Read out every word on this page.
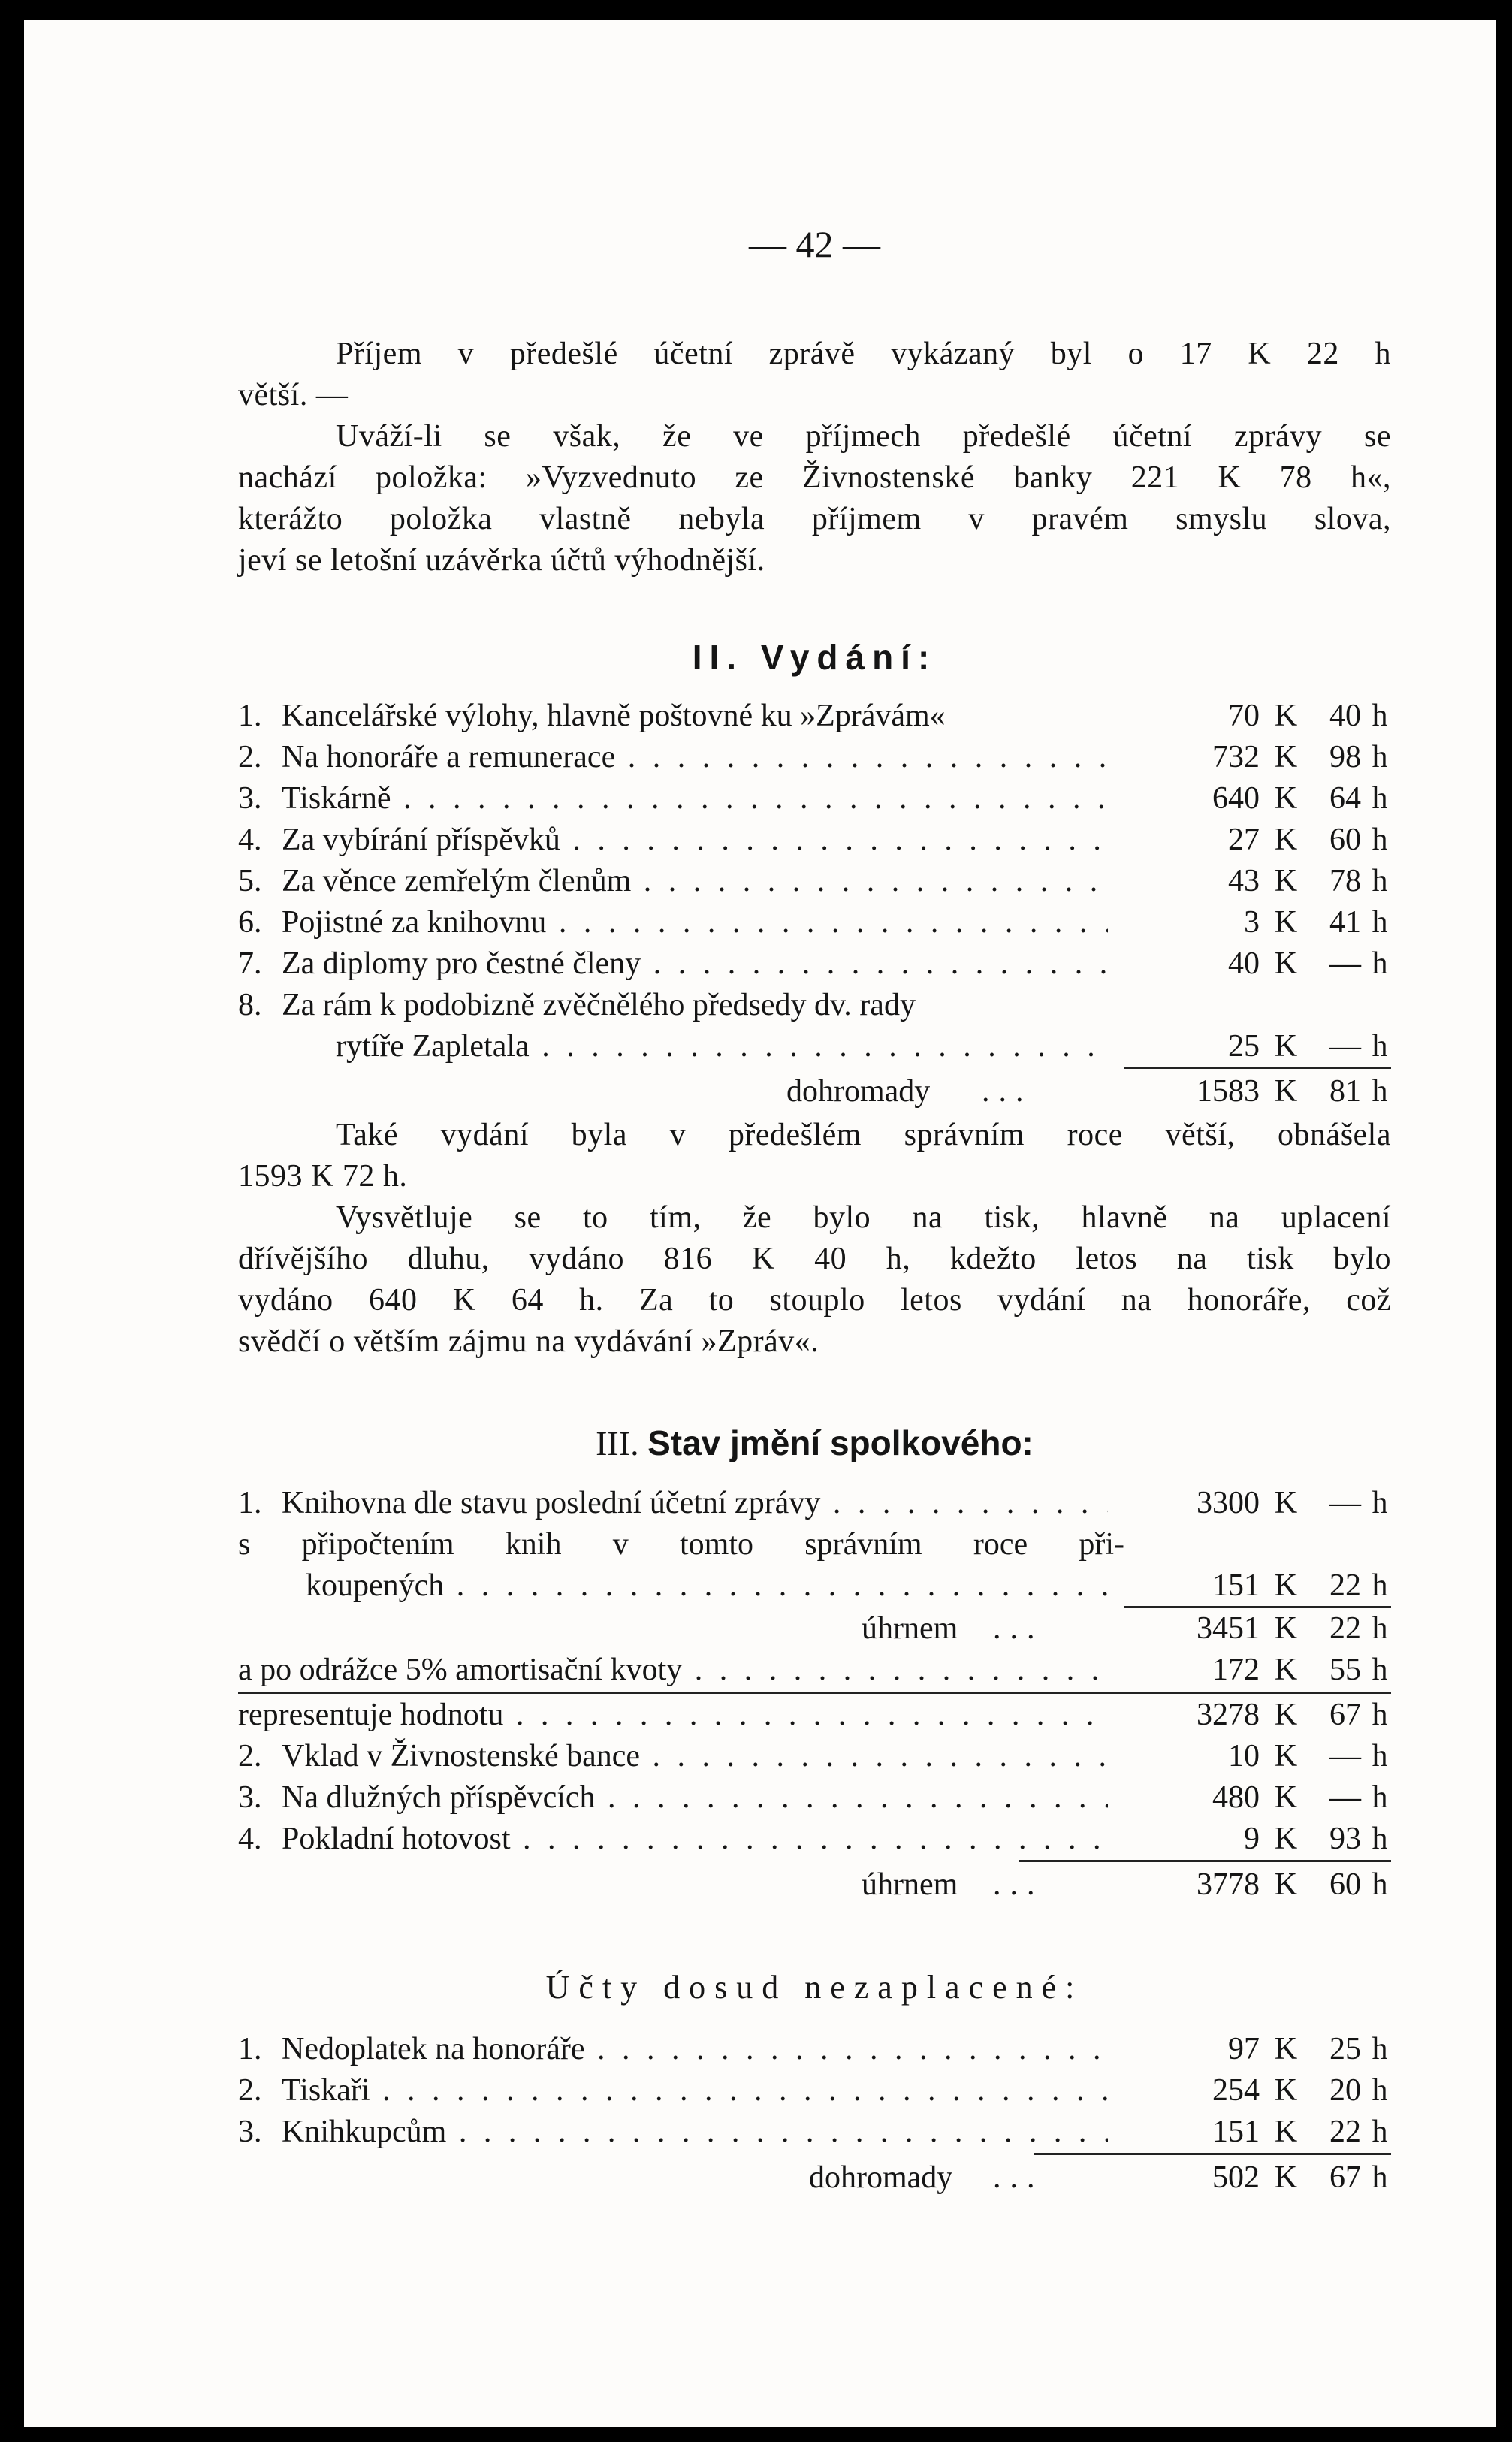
— 42 —
Příjem v předešlé účetní zprávě vykázaný byl o 17 K 22 h
větší. —
Uváží-li se však, že ve příjmech předešlé účetní zprávy se
nachází položka: »Vyzvednuto ze Živnostenské banky 221 K 78 h«,
kterážto položka vlastně nebyla příjmem v pravém smyslu slova,
jeví se letošní uzávěrka účtů výhodnější.
II. Vydání:
1. Kancelářské výlohy, hlavně poštovné ku »Zprávám«	70 K	40 h
2. Na honoráře a remunerace . . .	732 K	98 h
3. Tiskárně . . .	640 K	64 h
4. Za vybírání příspěvků . . .	27 K	60 h
5. Za věnce zemřelým členům . . .	43 K	78 h
6. Pojistné za knihovnu . . .	3 K	41 h
7. Za diplomy pro čestné členy . . .	40 K	— h
8. Za rám k podobizně zvěčnělého předsedy dv. rady
rytíře Zapletala . . .	25 K	— h
dohromady ...	1583 K	81 h
Také vydání byla v předešlém správním roce větší, obnášela
1593 K 72 h.
Vysvětluje se to tím, že bylo na tisk, hlavně na uplacení
dřívějšího dluhu, vydáno 816 K 40 h, kdežto letos na tisk bylo
vydáno 640 K 64 h. Za to stouplo letos vydání na honoráře, což
svědčí o větším zájmu na vydávání »Zpráv«.
III. Stav jmění spolkového:
1. Knihovna dle stavu poslední účetní zprávy . . .	3300 K	— h
s připočtením knih v tomto správním roce při-
koupených . . .	151 K	22 h
úhrnem ...	3451 K	22 h
a po odrážce 5% amortisační kvoty . . .	172 K	55 h
representuje hodnotu . . .	3278 K	67 h
2. Vklad v Živnostenské bance . . .	10 K	— h
3. Na dlužných příspěvcích . . .	480 K	— h
4. Pokladní hotovost . . .	9 K	93 h
úhrnem ...	3778 K	60 h
Účty dosud nezaplacené:
1. Nedoplatek na honoráře . . .	97 K	25 h
2. Tiskaři . . .	254 K	20 h
3. Knihkupcům . . .	151 K	22 h
dohromady ...	502 K	67 h
